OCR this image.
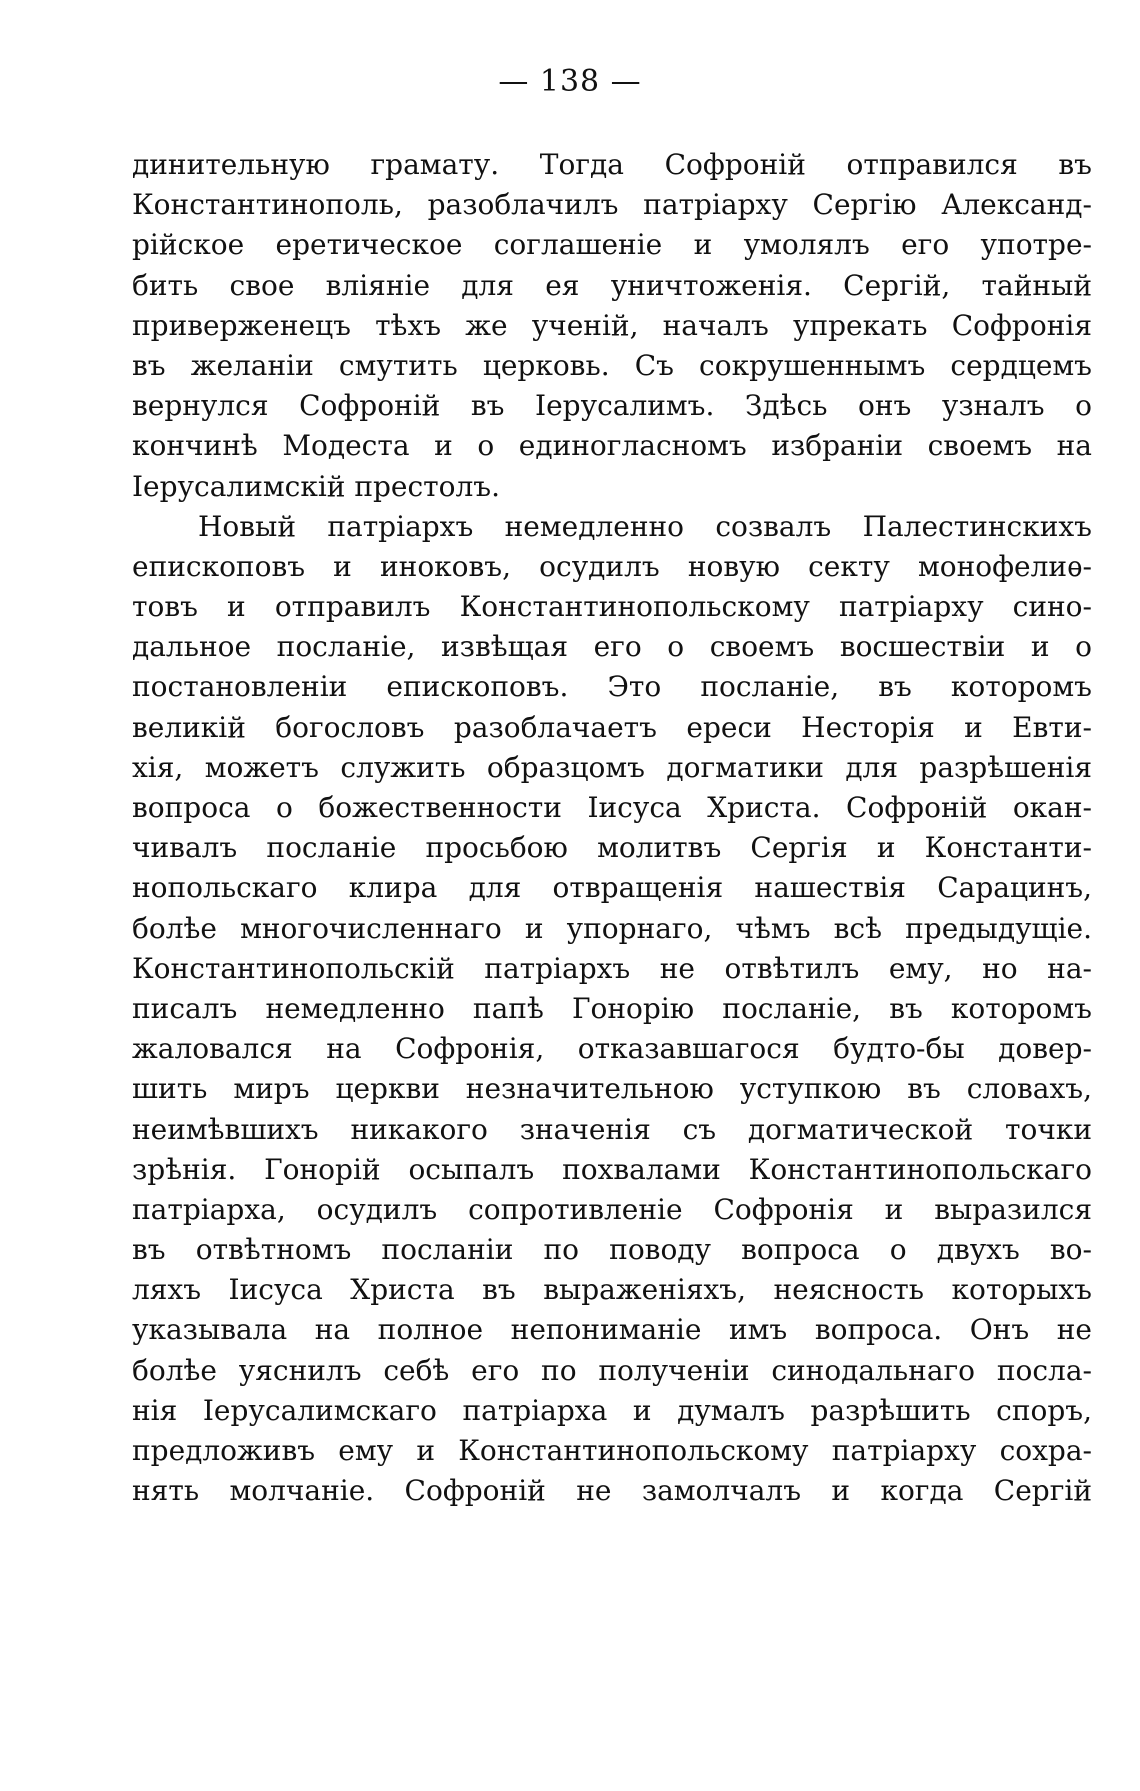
— 138 —
динительную грамату. Тогда Софроній отправился въ
Константинополь, разоблачилъ патріарху Сергію Александ-
рійское еретическое соглашеніе и умолялъ его употре-
бить свое вліяніе для ея уничтоженія. Сергій, тайный
приверженецъ тѣхъ же ученій, началъ упрекать Софронія
въ желаніи смутить церковь. Съ сокрушеннымъ сердцемъ
вернулся Софроній въ Іерусалимъ. Здѣсь онъ узналъ о
кончинѣ Модеста и о единогласномъ избраніи своемъ на
Іерусалимскій престолъ.
Новый патріархъ немедленно созвалъ Палестинскихъ
епископовъ и иноковъ, осудилъ новую секту монофелиѳ-
товъ и отправилъ Константинопольскому патріарху сино-
дальное посланіе, извѣщая его о своемъ восшествіи и о
постановленіи епископовъ. Это посланіе, въ которомъ
великій богословъ разоблачаетъ ереси Несторія и Евти-
хія, можетъ служить образцомъ догматики для разрѣшенія
вопроса о божественности Іисуса Христа. Софроній окан-
чивалъ посланіе просьбою молитвъ Сергія и Константи-
нопольскаго клира для отвращенія нашествія Сарацинъ,
болѣе многочисленнаго и упорнаго, чѣмъ всѣ предыдущіе.
Константинопольскій патріархъ не отвѣтилъ ему, но на-
писалъ немедленно папѣ Гонорію посланіе, въ которомъ
жаловался на Софронія, отказавшагося будто-бы довер-
шить миръ церкви незначительною уступкою въ словахъ,
неимѣвшихъ никакого значенія съ догматической точки
зрѣнія. Гонорій осыпалъ похвалами Константинопольскаго
патріарха, осудилъ сопротивленіе Софронія и выразился
въ отвѣтномъ посланіи по поводу вопроса о двухъ во-
ляхъ Іисуса Христа въ выраженіяхъ, неясность которыхъ
указывала на полное непониманіе имъ вопроса. Онъ не
болѣе уяснилъ себѣ его по полученіи синодальнаго посла-
нія Іерусалимскаго патріарха и думалъ разрѣшить споръ,
предложивъ ему и Константинопольскому патріарху сохра-
нять молчаніе. Софроній не замолчалъ и когда Сергій
